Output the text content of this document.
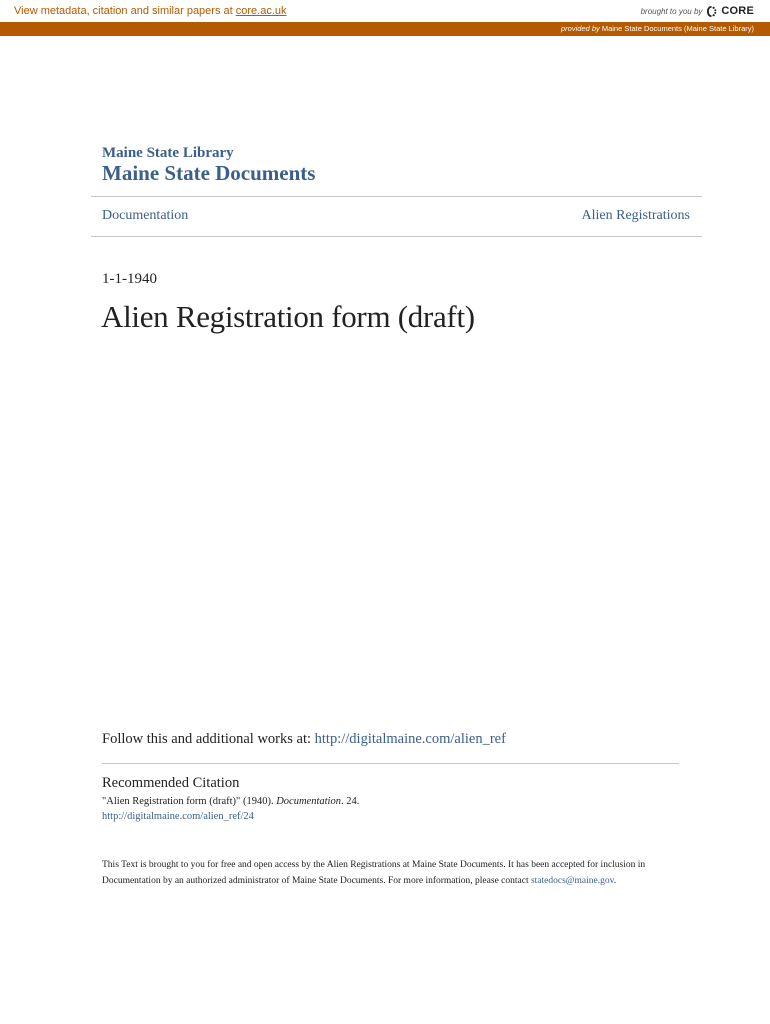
View metadata, citation and similar papers at core.ac.uk	brought to you by CORE
provided by Maine State Documents (Maine State Library)
Maine State Library
Maine State Documents
Documentation	Alien Registrations
1-1-1940
Alien Registration form (draft)
Follow this and additional works at: http://digitalmaine.com/alien_ref
Recommended Citation
"Alien Registration form (draft)" (1940). Documentation. 24.
http://digitalmaine.com/alien_ref/24

This Text is brought to you for free and open access by the Alien Registrations at Maine State Documents. It has been accepted for inclusion in Documentation by an authorized administrator of Maine State Documents. For more information, please contact statedocs@maine.gov.
